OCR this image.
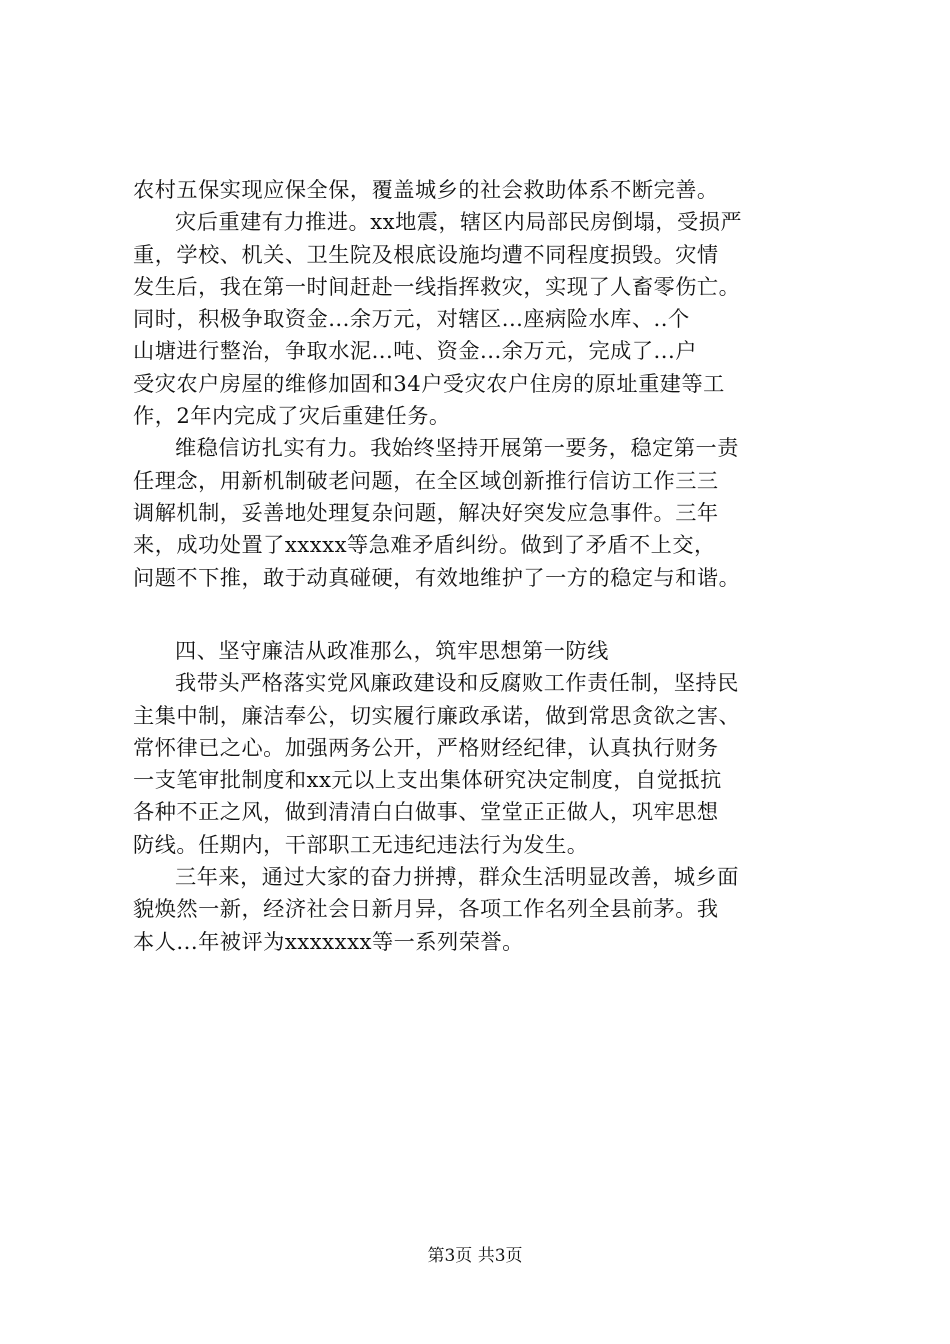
农村五保实现应保全保，覆盖城乡的社会救助体系不断完善。
灾后重建有力推进。xx地震，辖区内局部民房倒塌，受损严
重，学校、机关、卫生院及根底设施均遭不同程度损毁。灾情
发生后，我在第一时间赶赴一线指挥救灾，实现了人畜零伤亡。
同时，积极争取资金...余万元，对辖区...座病险水库、..个
山塘进行整治，争取水泥...吨、资金...余万元，完成了...户
受灾农户房屋的维修加固和34户受灾农户住房的原址重建等工
作，2年内完成了灾后重建任务。
维稳信访扎实有力。我始终坚持开展第一要务，稳定第一责
任理念，用新机制破老问题，在全区域创新推行信访工作三三
调解机制，妥善地处理复杂问题，解决好突发应急事件。三年
来，成功处置了xxxxx等急难矛盾纠纷。做到了矛盾不上交，
问题不下推，敢于动真碰硬，有效地维护了一方的稳定与和谐。
四、坚守廉洁从政准那么，筑牢思想第一防线
我带头严格落实党风廉政建设和反腐败工作责任制，坚持民
主集中制，廉洁奉公，切实履行廉政承诺，做到常思贪欲之害、
常怀律已之心。加强两务公开，严格财经纪律，认真执行财务
一支笔审批制度和xx元以上支出集体研究决定制度，自觉抵抗
各种不正之风，做到清清白白做事、堂堂正正做人，巩牢思想
防线。任期内，干部职工无违纪违法行为发生。
三年来，通过大家的奋力拼搏，群众生活明显改善，城乡面
貌焕然一新，经济社会日新月异，各项工作名列全县前茅。我
本人...年被评为xxxxxxx等一系列荣誉。
第3页 共3页
